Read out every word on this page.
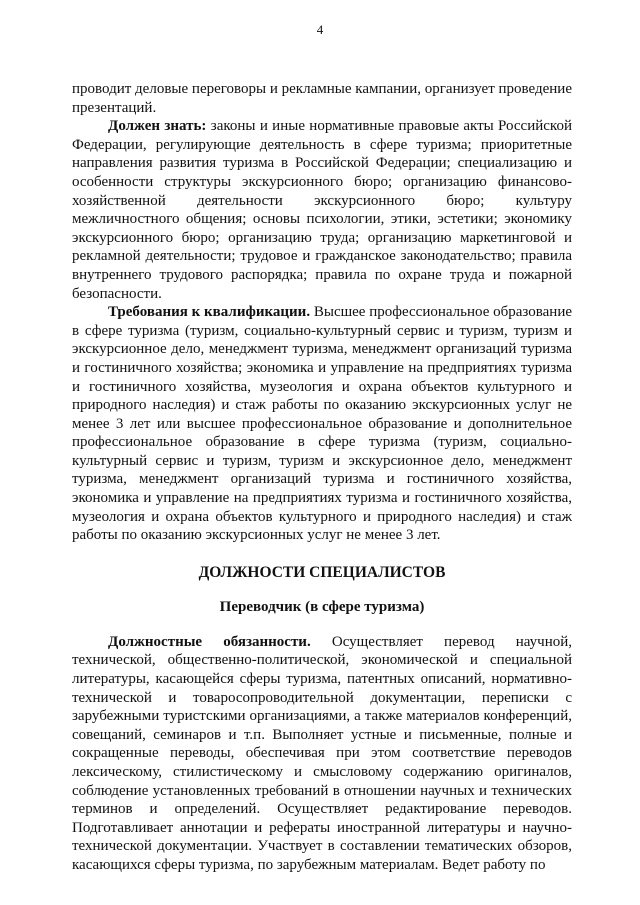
4

проводит деловые переговоры и рекламные кампании, организует проведение презентаций.

Должен знать: законы и иные нормативные правовые акты Российской Федерации, регулирующие деятельность в сфере туризма; приоритетные направления развития туризма в Российской Федерации; специализацию и особенности структуры экскурсионного бюро; организацию финансово-хозяйственной деятельности экскурсионного бюро; культуру межличностного общения; основы психологии, этики, эстетики; экономику экскурсионного бюро; организацию труда; организацию маркетинговой и рекламной деятельности; трудовое и гражданское законодательство; правила внутреннего трудового распорядка; правила по охране труда и пожарной безопасности.

Требования к квалификации. Высшее профессиональное образование в сфере туризма (туризм, социально-культурный сервис и туризм, туризм и экскурсионное дело, менеджмент туризма, менеджмент организаций туризма и гостиничного хозяйства; экономика и управление на предприятиях туризма и гостиничного хозяйства, музеология и охрана объектов культурного и природного наследия) и стаж работы по оказанию экскурсионных услуг не менее 3 лет или высшее профессиональное образование и дополнительное профессиональное образование в сфере туризма (туризм, социально-культурный сервис и туризм, туризм и экскурсионное дело, менеджмент туризма, менеджмент организаций туризма и гостиничного хозяйства, экономика и управление на предприятиях туризма и гостиничного хозяйства, музеология и охрана объектов культурного и природного наследия) и стаж работы по оказанию экскурсионных услуг не менее 3 лет.

ДОЛЖНОСТИ СПЕЦИАЛИСТОВ
Переводчик (в сфере туризма)

Должностные обязанности. Осуществляет перевод научной, технической, общественно-политической, экономической и специальной литературы, касающейся сферы туризма, патентных описаний, нормативно-технической и товаросопроводительной документации, переписки с зарубежными туристскими организациями, а также материалов конференций, совещаний, семинаров и т.п. Выполняет устные и письменные, полные и сокращенные переводы, обеспечивая при этом соответствие переводов лексическому, стилистическому и смысловому содержанию оригиналов, соблюдение установленных требований в отношении научных и технических терминов и определений. Осуществляет редактирование переводов. Подготавливает аннотации и рефераты иностранной литературы и научно-технической документации. Участвует в составлении тематических обзоров, касающихся сферы туризма, по зарубежным материалам. Ведет работу по
